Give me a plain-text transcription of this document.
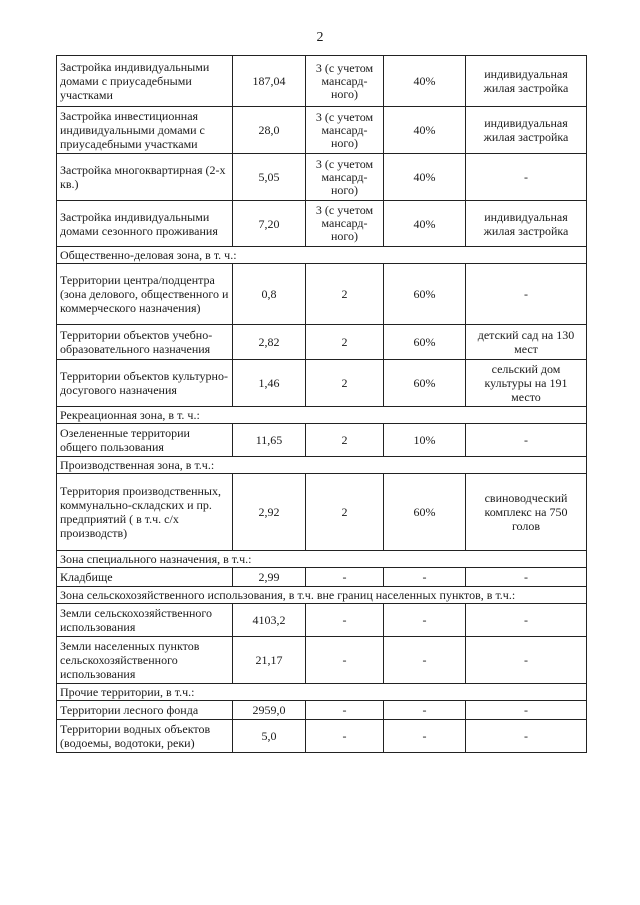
2
Застройка индивидуальными домами с приусадебными участками	187,04	3 (с учетом мансард-ного)	40%	индивидуальная жилая застройка
Застройка инвестиционная индивидуальными домами с приусадебными участками	28,0	3 (с учетом мансард-ного)	40%	индивидуальная жилая застройка
Застройка многоквартирная (2-х кв.)	5,05	3 (с учетом мансард-ного)	40%	-
Застройка индивидуальными домами сезонного проживания	7,20	3 (с учетом мансард-ного)	40%	индивидуальная жилая застройка
Общественно-деловая зона, в т. ч.:				
Территории центра/подцентра (зона делового, общественного и коммерческого назначения)	0,8	2	60%	-
Территории объектов учебно-образовательного назначения	2,82	2	60%	детский сад на 130 мест
Территории объектов культурно-досугового назначения	1,46	2	60%	сельский дом культуры на 191 место
Рекреационная зона, в т. ч.:				
Озелененные территории общего пользования	11,65	2	10%	-
Производственная зона, в т.ч.:				
Территория производственных, коммунально-складских и пр. предприятий ( в т.ч. с/х производств)	2,92	2	60%	свиноводческий комплекс на 750 голов
Зона специального назначения, в т.ч.:				
Кладбище	2,99	-	-	-
Зона сельскохозяйственного использования, в т.ч. вне границ населенных пунктов, в т.ч.:				
Земли сельскохозяйственного использования	4103,2	-	-	-
Земли населенных пунктов сельскохозяйственного использования	21,17	-	-	-
Прочие территории, в т.ч.:				
Территории лесного фонда	2959,0	-	-	-
Территории водных объектов (водоемы, водотоки, реки)	5,0	-	-	-
